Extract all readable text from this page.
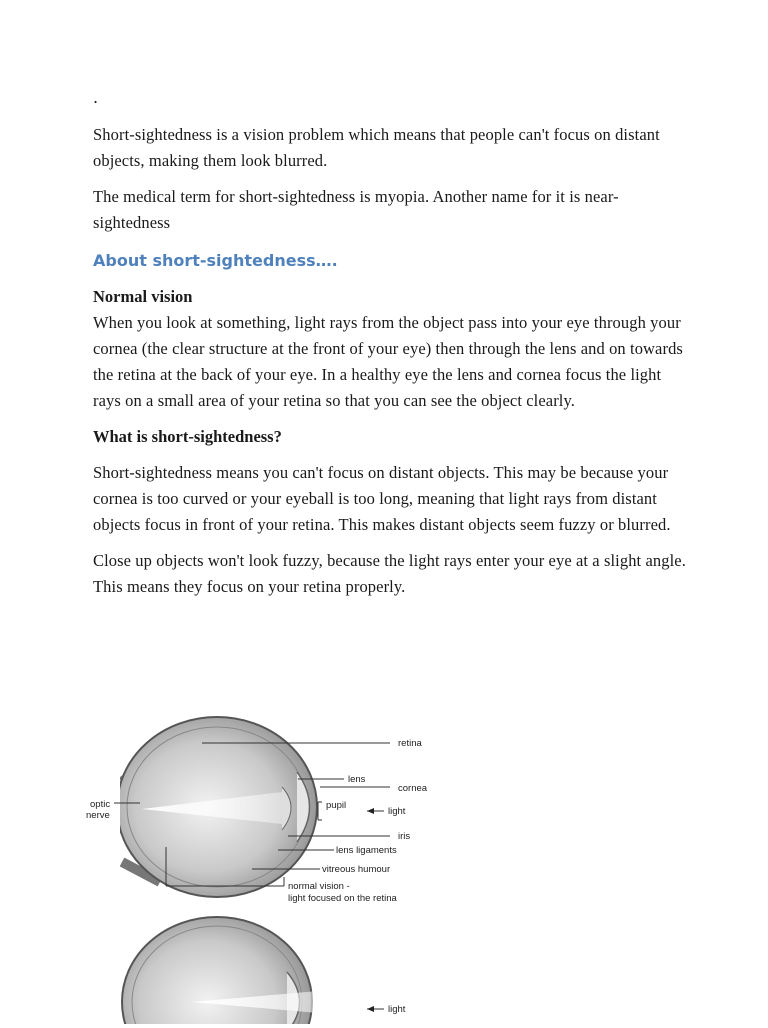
.

Short-sightedness is a vision problem which means that people can't focus on distant objects, making them look blurred.

The medical term for short-sightedness is myopia. Another name for it is near-sightedness

About short-sightedness….
Normal vision

When you look at something, light rays from the object pass into your eye through your cornea (the clear structure at the front of your eye) then through the lens and on towards the retina at the back of your eye. In a healthy eye the lens and cornea focus the light rays on a small area of your retina so that you can see the object clearly.

What is short-sightedness?

Short-sightedness means you can't focus on distant objects. This may be because your cornea is too curved or your eyeball is too long, meaning that light rays from distant objects focus in front of your retina. This makes distant objects seem fuzzy or blurred.

Close up objects won't look fuzzy, because the light rays enter your eye at a slight angle. This means they focus on your retina properly.

retina
lens
cornea
pupil
light
iris
optic
nerve
lens ligaments
vitreous humour
normal vision -
light focused on the retina
light
